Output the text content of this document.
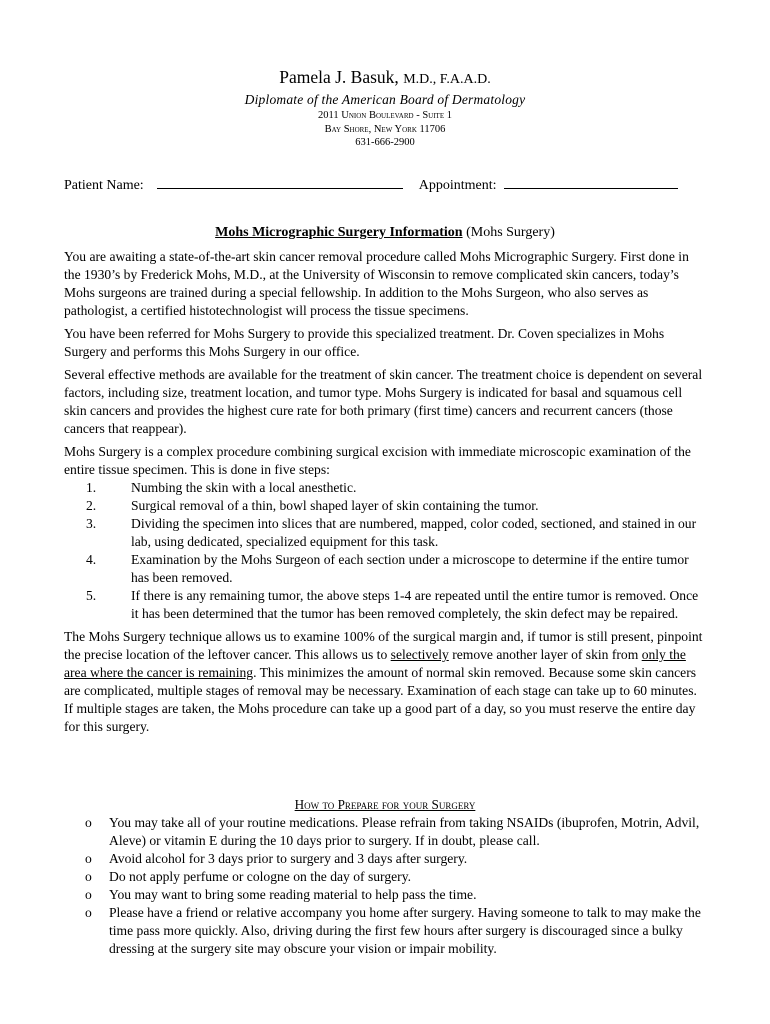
Pamela J. Basuk, M.D., F.A.A.D.
Diplomate of the American Board of Dermatology
2011 Union Boulevard - Suite 1
Bay Shore, New York 11706
631-666-2900
Patient Name:	Appointment:
Mohs Micrographic Surgery Information (Mohs Surgery)

You are awaiting a state-of-the-art skin cancer removal procedure called Mohs Micrographic Surgery. First done in the 1930’s by Frederick Mohs, M.D., at the University of Wisconsin to remove complicated skin cancers, today’s Mohs surgeons are trained during a special fellowship. In addition to the Mohs Surgeon, who also serves as pathologist, a certified histotechnologist will process the tissue specimens.

You have been referred for Mohs Surgery to provide this specialized treatment. Dr. Coven specializes in Mohs Surgery and performs this Mohs Surgery in our office.

Several effective methods are available for the treatment of skin cancer. The treatment choice is dependent on several factors, including size, treatment location, and tumor type. Mohs Surgery is indicated for basal and squamous cell skin cancers and provides the highest cure rate for both primary (first time) cancers and recurrent cancers (those cancers that reappear).

Mohs Surgery is a complex procedure combining surgical excision with immediate microscopic examination of the entire tissue specimen. This is done in five steps:

1.	Numbing the skin with a local anesthetic.
2.	Surgical removal of a thin, bowl shaped layer of skin containing the tumor.
3.	Dividing the specimen into slices that are numbered, mapped, color coded, sectioned, and stained in our lab, using dedicated, specialized equipment for this task.
4.	Examination by the Mohs Surgeon of each section under a microscope to determine if the entire tumor has been removed.
5.	If there is any remaining tumor, the above steps 1-4 are repeated until the entire tumor is removed. Once it has been determined that the tumor has been removed completely, the skin defect may be repaired.

The Mohs Surgery technique allows us to examine 100% of the surgical margin and, if tumor is still present, pinpoint the precise location of the leftover cancer. This allows us to selectively remove another layer of skin from only the area where the cancer is remaining. This minimizes the amount of normal skin removed. Because some skin cancers are complicated, multiple stages of removal may be necessary. Examination of each stage can take up to 60 minutes. If multiple stages are taken, the Mohs procedure can take up a good part of a day, so you must reserve the entire day for this surgery.

How to Prepare for your Surgery
o You may take all of your routine medications. Please refrain from taking NSAIDs (ibuprofen, Motrin, Advil, Aleve) or vitamin E during the 10 days prior to surgery. If in doubt, please call.
o Avoid alcohol for 3 days prior to surgery and 3 days after surgery.
o Do not apply perfume or cologne on the day of surgery.
o You may want to bring some reading material to help pass the time.
o Please have a friend or relative accompany you home after surgery. Having someone to talk to may make the time pass more quickly. Also, driving during the first few hours after surgery is discouraged since a bulky dressing at the surgery site may obscure your vision or impair mobility.
